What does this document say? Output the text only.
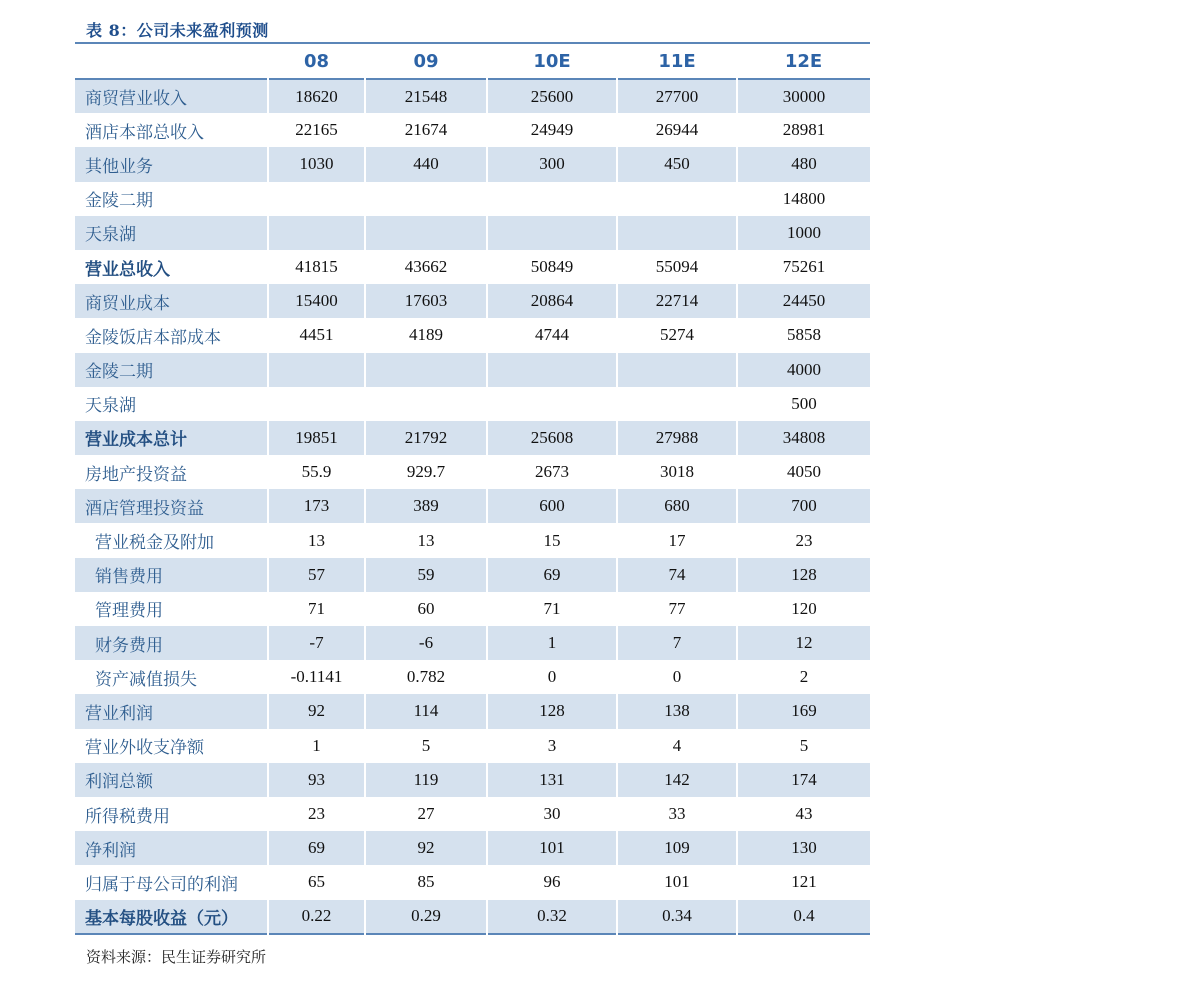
表 8：公司未来盈利预测
	08	09	10E	11E	12E
商贸营业收入	18620	21548	25600	27700	30000
酒店本部总收入	22165	21674	24949	26944	28981
其他业务	1030	440	300	450	480
金陵二期					14800
天泉湖					1000
营业总收入	41815	43662	50849	55094	75261
商贸业成本	15400	17603	20864	22714	24450
金陵饭店本部成本	4451	4189	4744	5274	5858
金陵二期					4000
天泉湖					500
营业成本总计	19851	21792	25608	27988	34808
房地产投资益	55.9	929.7	2673	3018	4050
酒店管理投资益	173	389	600	680	700
营业税金及附加	13	13	15	17	23
销售费用	57	59	69	74	128
管理费用	71	60	71	77	120
财务费用	-7	-6	1	7	12
资产减值损失	-0.1141	0.782	0	0	2
营业利润	92	114	128	138	169
营业外收支净额	1	5	3	4	5
利润总额	93	119	131	142	174
所得税费用	23	27	30	33	43
净利润	69	92	101	109	130
归属于母公司的利润	65	85	96	101	121
基本每股收益（元）	0.22	0.29	0.32	0.34	0.4
资料来源：民生证券研究所
